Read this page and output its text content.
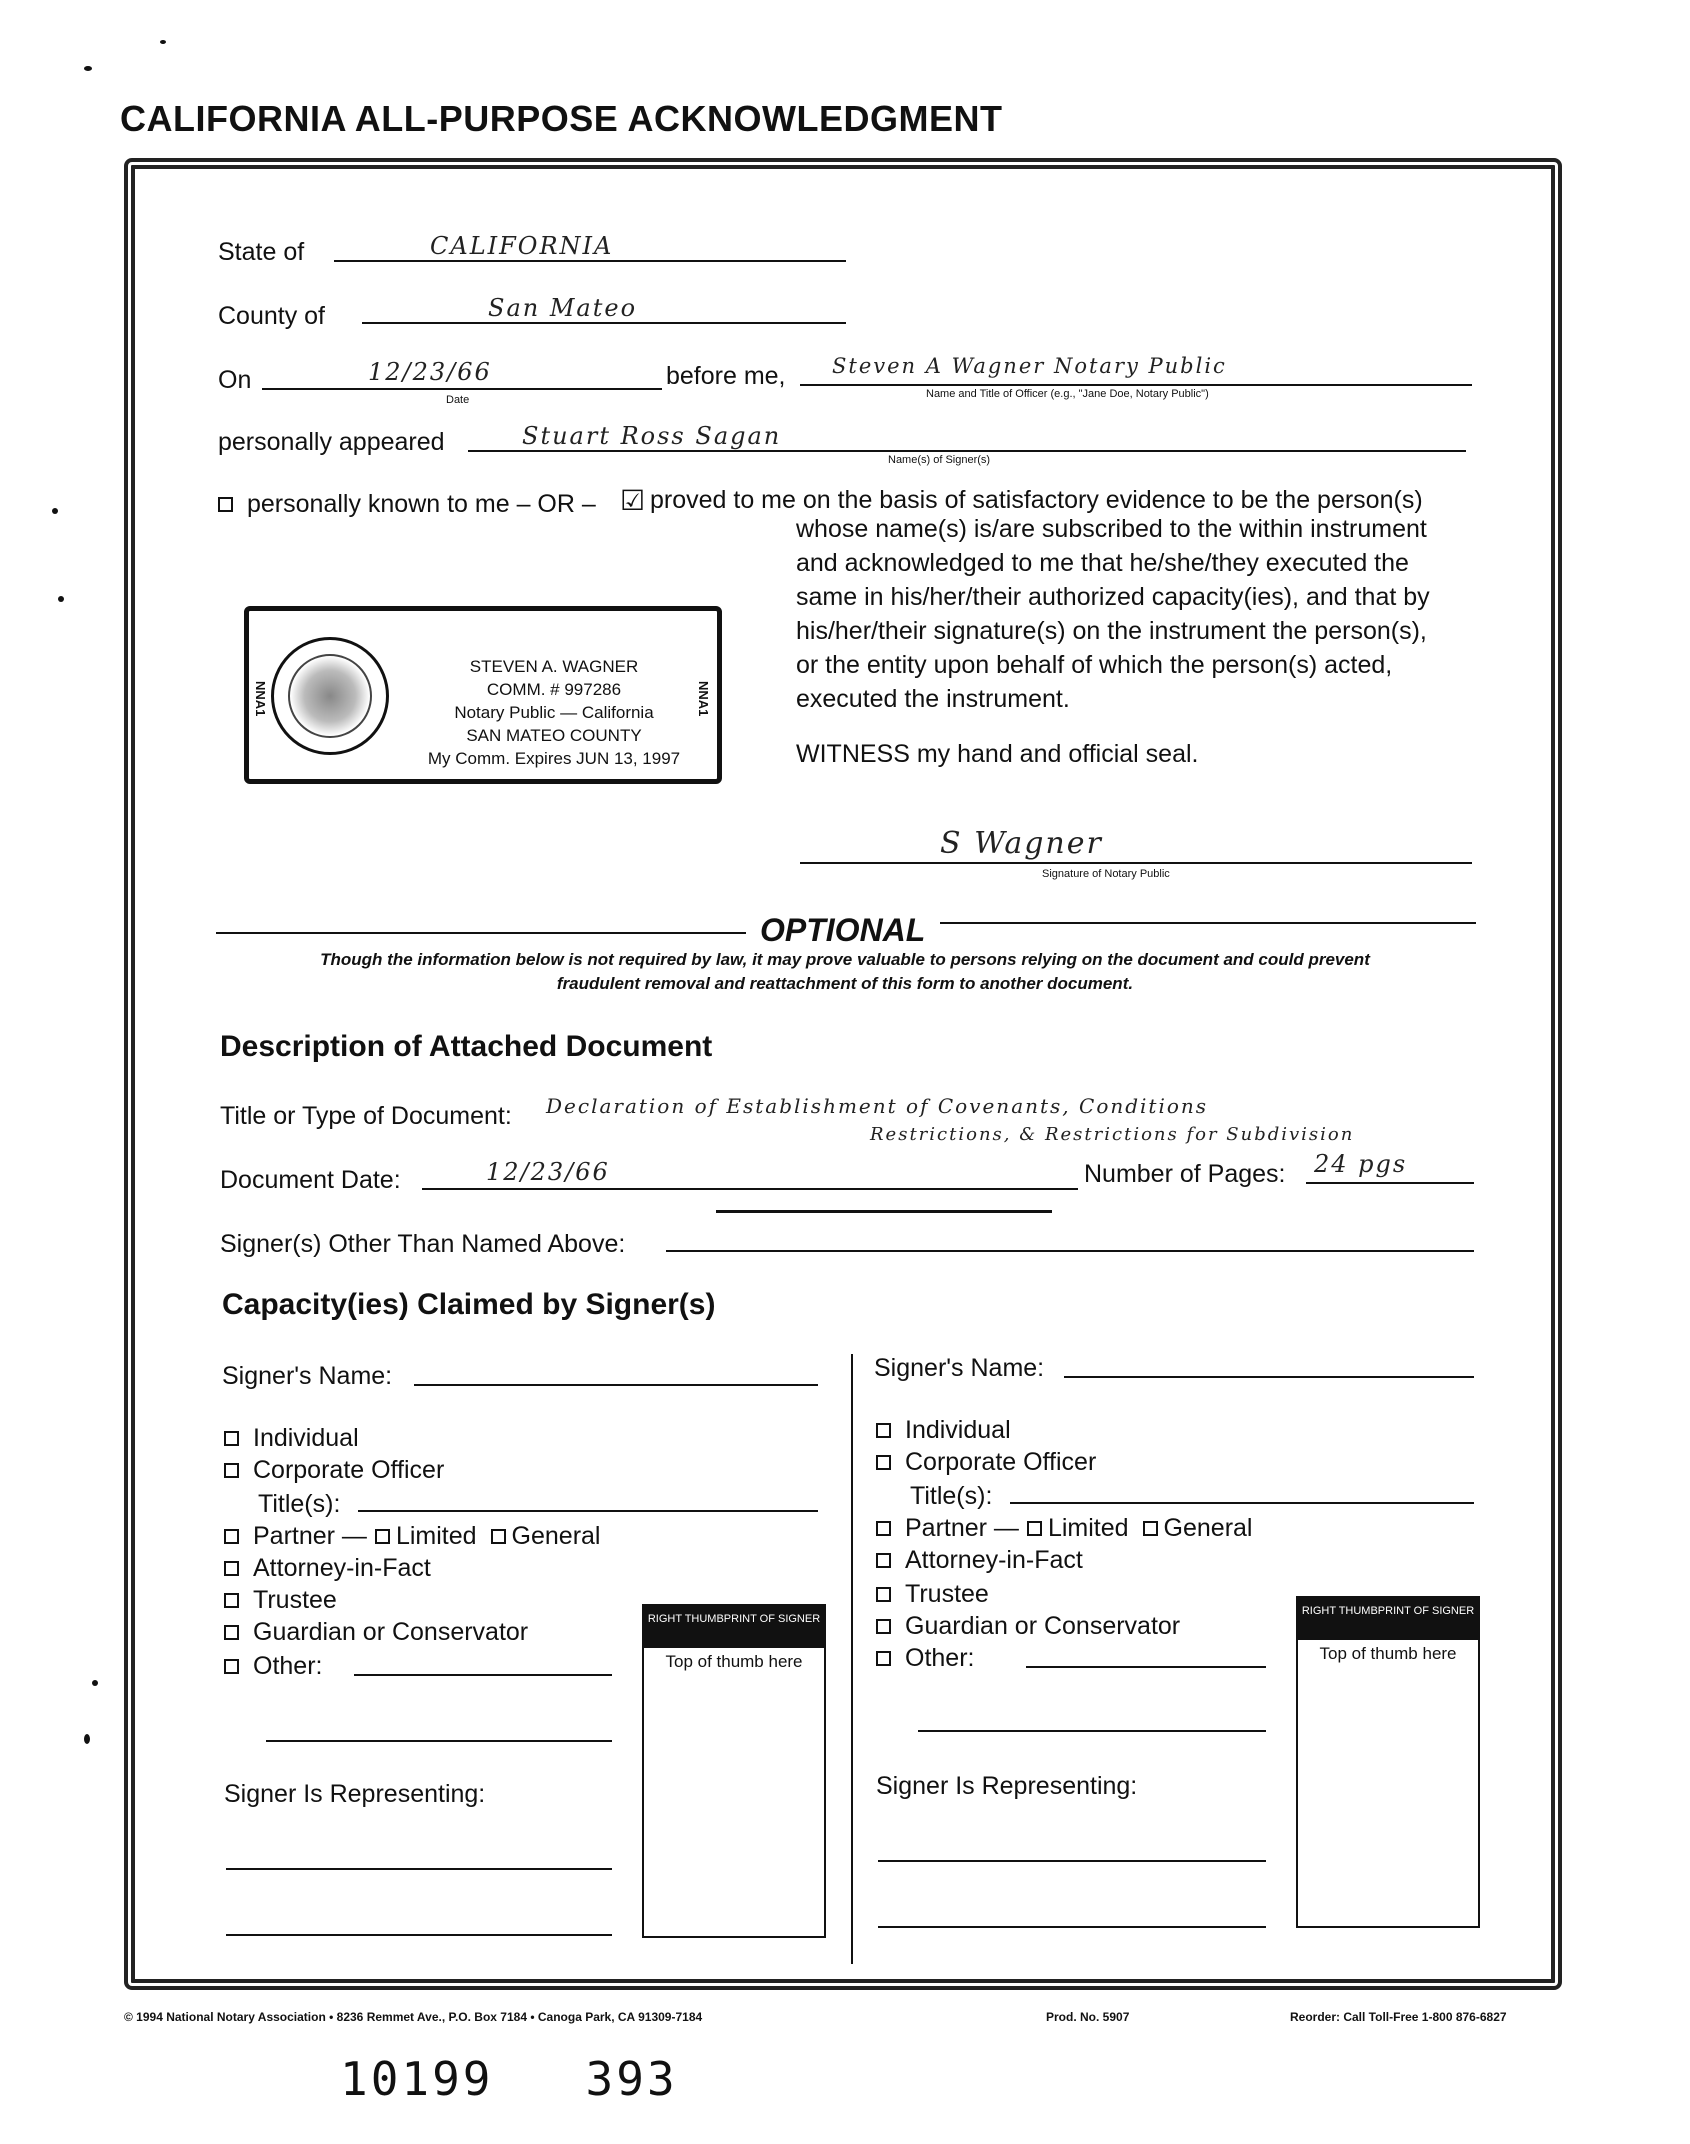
CALIFORNIA ALL-PURPOSE ACKNOWLEDGMENT
State of	CALIFORNIA
County of	San Mateo
On	12/23/66
Date
before me, Steven A Wagner Notary Public
Name and Title of Officer (e.g., "Jane Doe, Notary Public")
personally appeared	Stuart Ross Sagan
Name(s) of Signer(s)
personally known to me – OR – ☑ proved to me on the basis of satisfactory evidence to be the person(s)
whose name(s) is/are subscribed to the within instrument
and acknowledged to me that he/she/they executed the
same in his/her/their authorized capacity(ies), and that by
his/her/their signature(s) on the instrument the person(s),
or the entity upon behalf of which the person(s) acted,
executed the instrument.
WITNESS my hand and official seal.
S Wagner
Signature of Notary Public
NNA1	NNA1
STEVEN A. WAGNER
COMM. # 997286
Notary Public — California
SAN MATEO COUNTY
My Comm. Expires JUN 13, 1997
OPTIONAL
Though the information below is not required by law, it may prove valuable to persons relying on the document and could prevent
fraudulent removal and reattachment of this form to another document.
Description of Attached Document
Title or Type of Document: Declaration of Establishment of Covenants, Conditions
Restrictions, & Restrictions for Subdivision
Document Date:	12/23/66	Number of Pages: 24 pgs
Signer(s) Other Than Named Above:
Capacity(ies) Claimed by Signer(s)
Signer's Name:
Individual
Corporate Officer
Title(s):
Partner — Limited General
Attorney-in-Fact
Trustee
Guardian or Conservator
Other:
Signer Is Representing:
RIGHT THUMBPRINT OF SIGNER
Top of thumb here
Signer's Name:
Individual
Corporate Officer
Title(s):
Partner — Limited General
Attorney-in-Fact
Trustee
Guardian or Conservator
Other:
Signer Is Representing:
RIGHT THUMBPRINT OF SIGNER
Top of thumb here
© 1994 National Notary Association • 8236 Remmet Ave., P.O. Box 7184 • Canoga Park, CA 91309-7184	Prod. No. 5907	Reorder: Call Toll-Free 1-800 876-6827
10199   393
